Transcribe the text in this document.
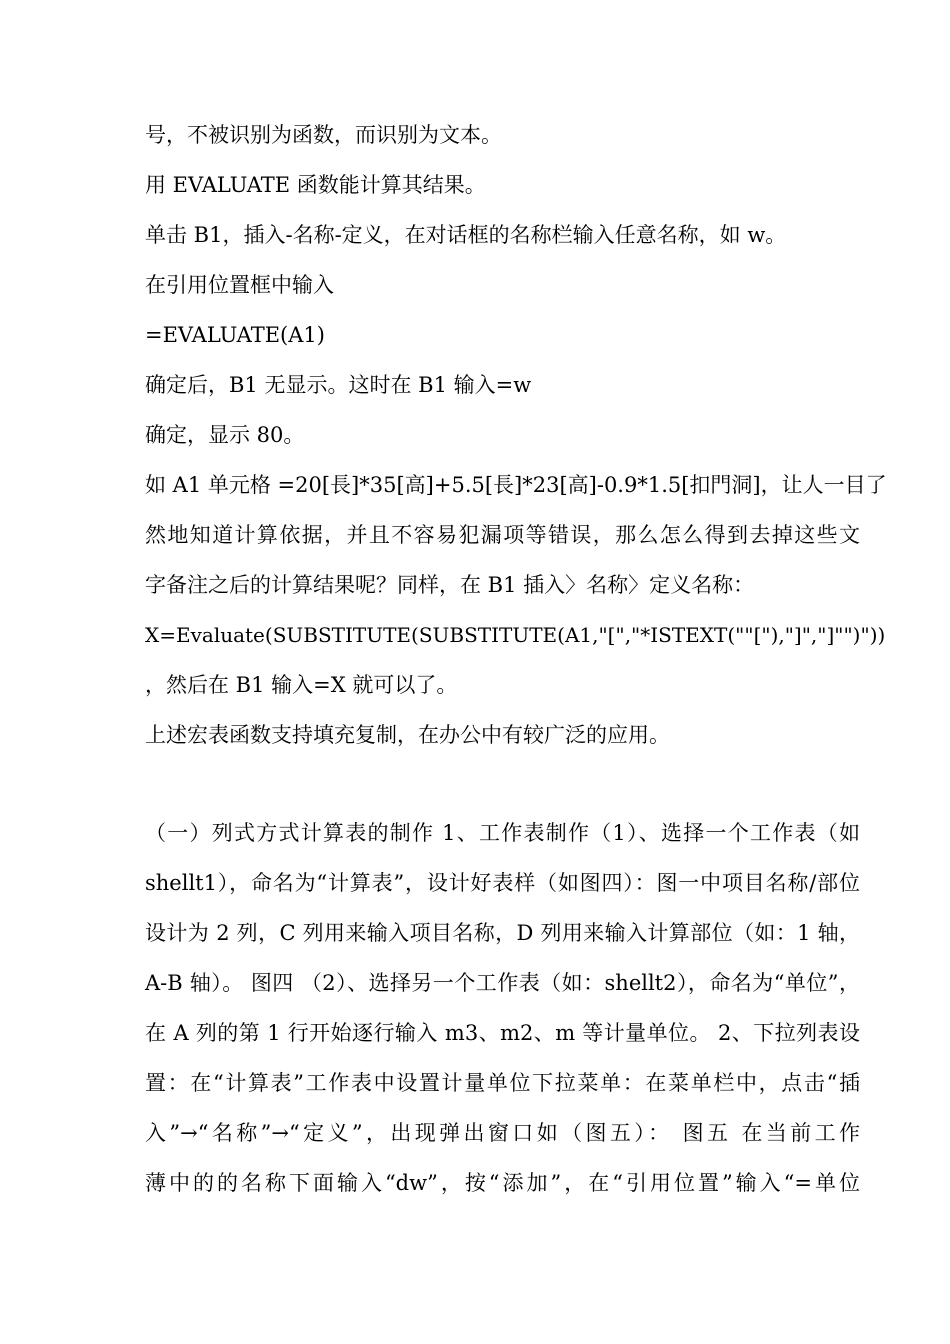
号，不被识别为函数，而识别为文本。
用 EVALUATE 函数能计算其结果。
单击 B1，插入-名称-定义，在对话框的名称栏输入任意名称，如 w。
在引用位置框中输入
=EVALUATE(A1)
确定后，B1 无显示。这时在 B1 输入=w
确定，显示 80。
如 A1 单元格 =20[長]*35[高]+5.5[長]*23[高]-0.9*1.5[扣門洞]，让人一目了
然地知道计算依据，并且不容易犯漏项等错误，那么怎么得到去掉这些文
字备注之后的计算结果呢？同样，在 B1 插入〉名称〉定义名称：
X=Evaluate(SUBSTITUTE(SUBSTITUTE(A1,"[","*ISTEXT(""["),"]","]"")"))
，然后在 B1 输入=X 就可以了。
上述宏表函数支持填充复制，在办公中有较广泛的应用。
（一）列式方式计算表的制作 1、工作表制作（1）、选择一个工作表（如
shellt1），命名为“计算表”，设计好表样（如图四）：图一中项目名称/部位
设计为 2 列，C 列用来输入项目名称，D 列用来输入计算部位（如：1 轴，
A-B 轴）。 图四 （2）、选择另一个工作表（如：shellt2），命名为“单位”，
在 A 列的第 1 行开始逐行输入 m3、m2、m 等计量单位。 2、下拉列表设
置：在“计算表”工作表中设置计量单位下拉菜单：在菜单栏中，点击“插
入”→“名称”→“定义”，出现弹出窗口如（图五）： 图五 在当前工作
薄中的的名称下面输入“dw”，按“添加”，在“引用位置”输入“=单位
